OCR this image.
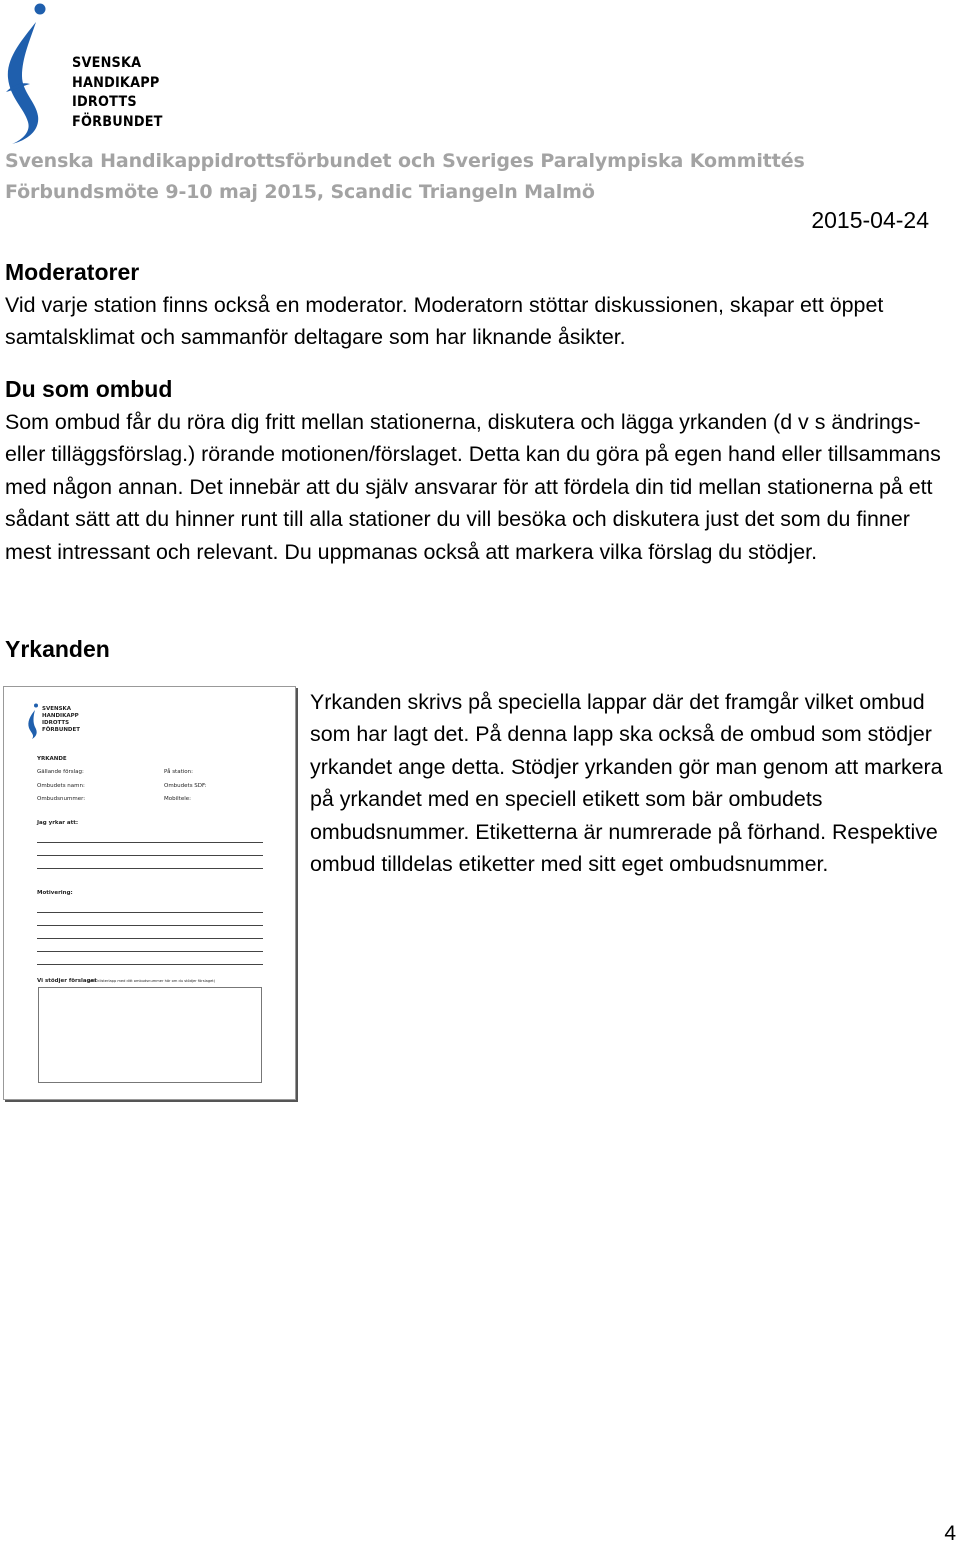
SVENSKA
HANDIKAPP
IDROTTS
FÖRBUNDET
Svenska Handikappidrottsförbundet och Sveriges Paralympiska Kommittés
Förbundsmöte 9-10 maj 2015, Scandic Triangeln Malmö
2015-04-24
Moderatorer
Vid varje station finns också en moderator. Moderatorn stöttar diskussionen, skapar ett öppet samtalsklimat och sammanför deltagare som har liknande åsikter.
Du som ombud
Som ombud får du röra dig fritt mellan stationerna, diskutera och lägga yrkanden (d v s ändrings- eller tilläggsförslag.) rörande motionen/förslaget. Detta kan du göra på egen hand eller tillsammans med någon annan. Det innebär att du själv ansvarar för att fördela din tid mellan stationerna på ett sådant sätt att du hinner runt till alla stationer du vill besöka och diskutera just det som du finner mest intressant och relevant. Du uppmanas också att markera vilka förslag du stödjer.
Yrkanden
SVENSKA
HANDIKAPP
IDROTTS
FÖRBUNDET
YRKANDE
Gällande förslag:
Ombudets namn:
Ombudsnummer:
På station:
Ombudets SDF:
Mobiltele:
Jag yrkar att:
Motivering:
Vi stödjer förslaget
(sätt klisterlapp med ditt ombudsnummer här om du stödjer förslaget)
Yrkanden skrivs på speciella lappar där det framgår vilket ombud som har lagt det. På denna lapp ska också de ombud som stödjer yrkandet ange detta. Stödjer yrkanden gör man genom att markera på yrkandet med en speciell etikett som bär ombudets ombudsnummer. Etiketterna är numrerade på förhand. Respektive ombud tilldelas etiketter med sitt eget ombudsnummer.
4
